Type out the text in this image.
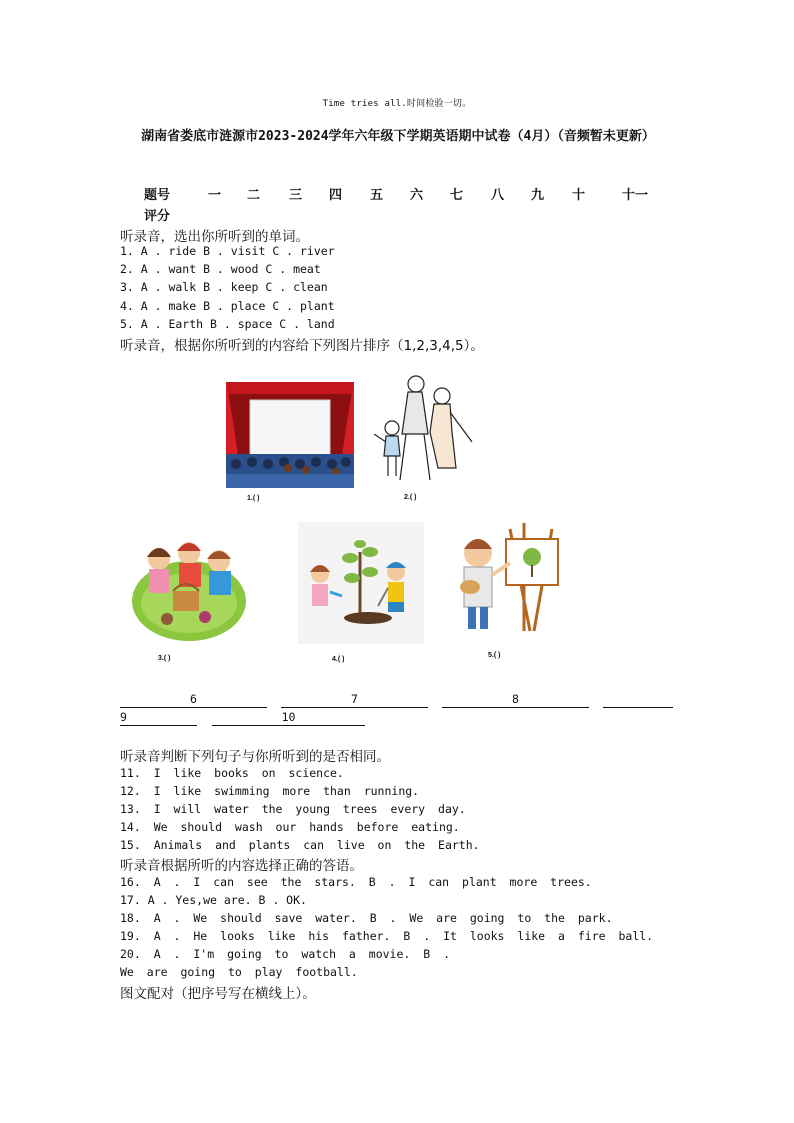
Time tries all.时间检验一切。
湖南省娄底市涟源市2023-2024学年六年级下学期英语期中试卷（4月）（音频暂未更新）
题号	一 二 三 四 五 六 七 八 九 十	十一
评分
听录音，选出你所听到的单词。
1. A . ride B . visit C . river
2. A . want B . wood C . meat
3. A . walk B . keep C . clean
4. A . make B . place C . plant
5. A . Earth B . space C . land
听录音，根据你所听到的内容给下列图片排序（1,2,3,4,5）。
1.( )	2.( )
3.( )	4.( )
5.( )
6	7	8
9	10
听录音判断下列句子与你所听到的是否相同。
11. I like books on science.
12. I like swimming more than running.
13. I will water the young trees every day.
14. We should wash our hands before eating.
15. Animals and plants can live on the Earth.
听录音根据所听的内容选择正确的答语。
16. A . I can see the stars. B . I can plant more trees.
17. A . Yes,we are. B . OK.
18. A . We should save water. B . We are going to the park.
19. A . He looks like his father. B . It looks like a fire ball.
20. A . I'm going to watch a movie. B .
We are going to play football.
图文配对（把序号写在横线上）。
